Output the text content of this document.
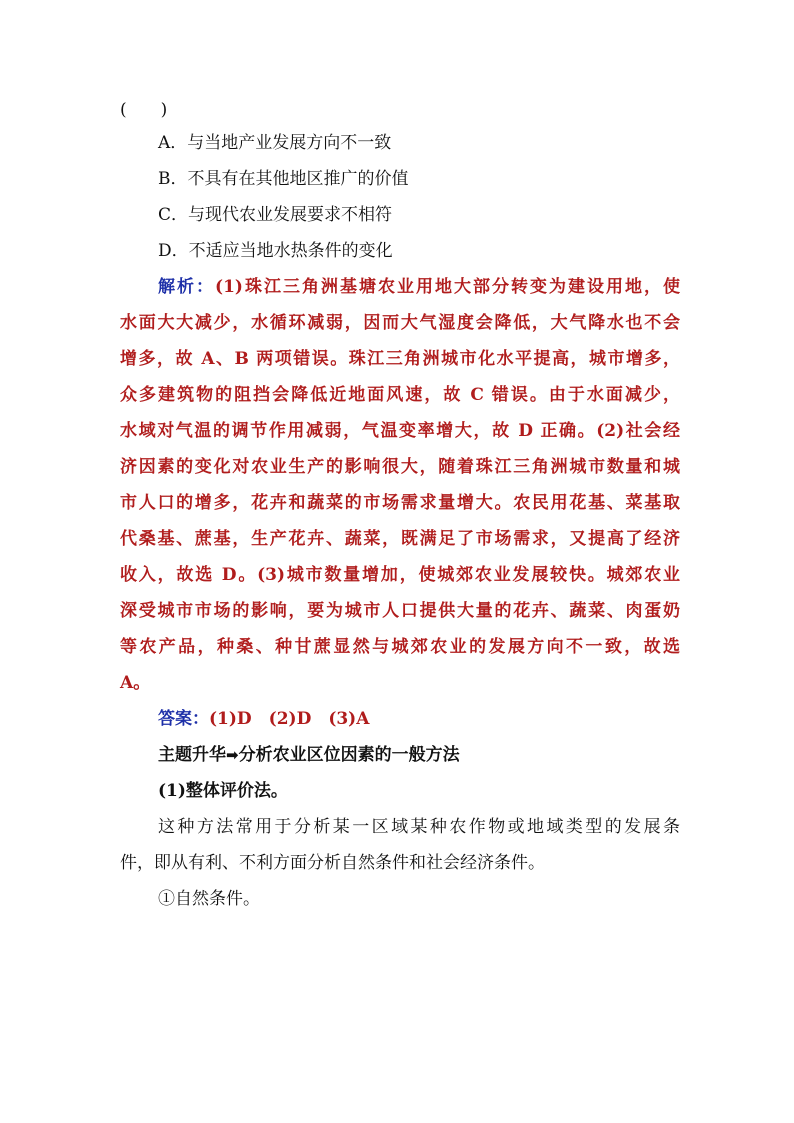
(　　)
A．与当地产业发展方向不一致
B．不具有在其他地区推广的价值
C．与现代农业发展要求不相符
D．不适应当地水热条件的变化
解析：(1)珠江三角洲基塘农业用地大部分转变为建设用地，使
水面大大减少，水循环减弱，因而大气湿度会降低，大气降水也不会
增多，故 A、B 两项错误。珠江三角洲城市化水平提高，城市增多，
众多建筑物的阻挡会降低近地面风速，故 C 错误。由于水面减少，
水域对气温的调节作用减弱，气温变率增大，故 D 正确。(2)社会经
济因素的变化对农业生产的影响很大，随着珠江三角洲城市数量和城
市人口的增多，花卉和蔬菜的市场需求量增大。农民用花基、菜基取
代桑基、蔗基，生产花卉、蔬菜，既满足了市场需求，又提高了经济
收入，故选 D。(3)城市数量增加，使城郊农业发展较快。城郊农业
深受城市市场的影响，要为城市人口提供大量的花卉、蔬菜、肉蛋奶
等农产品，种桑、种甘蔗显然与城郊农业的发展方向不一致，故选
A。
答案：(1)D　(2)D　(3)A
主题升华➡分析农业区位因素的一般方法
(1)整体评价法。
这种方法常用于分析某一区域某种农作物或地域类型的发展条
件，即从有利、不利方面分析自然条件和社会经济条件。
①自然条件。
